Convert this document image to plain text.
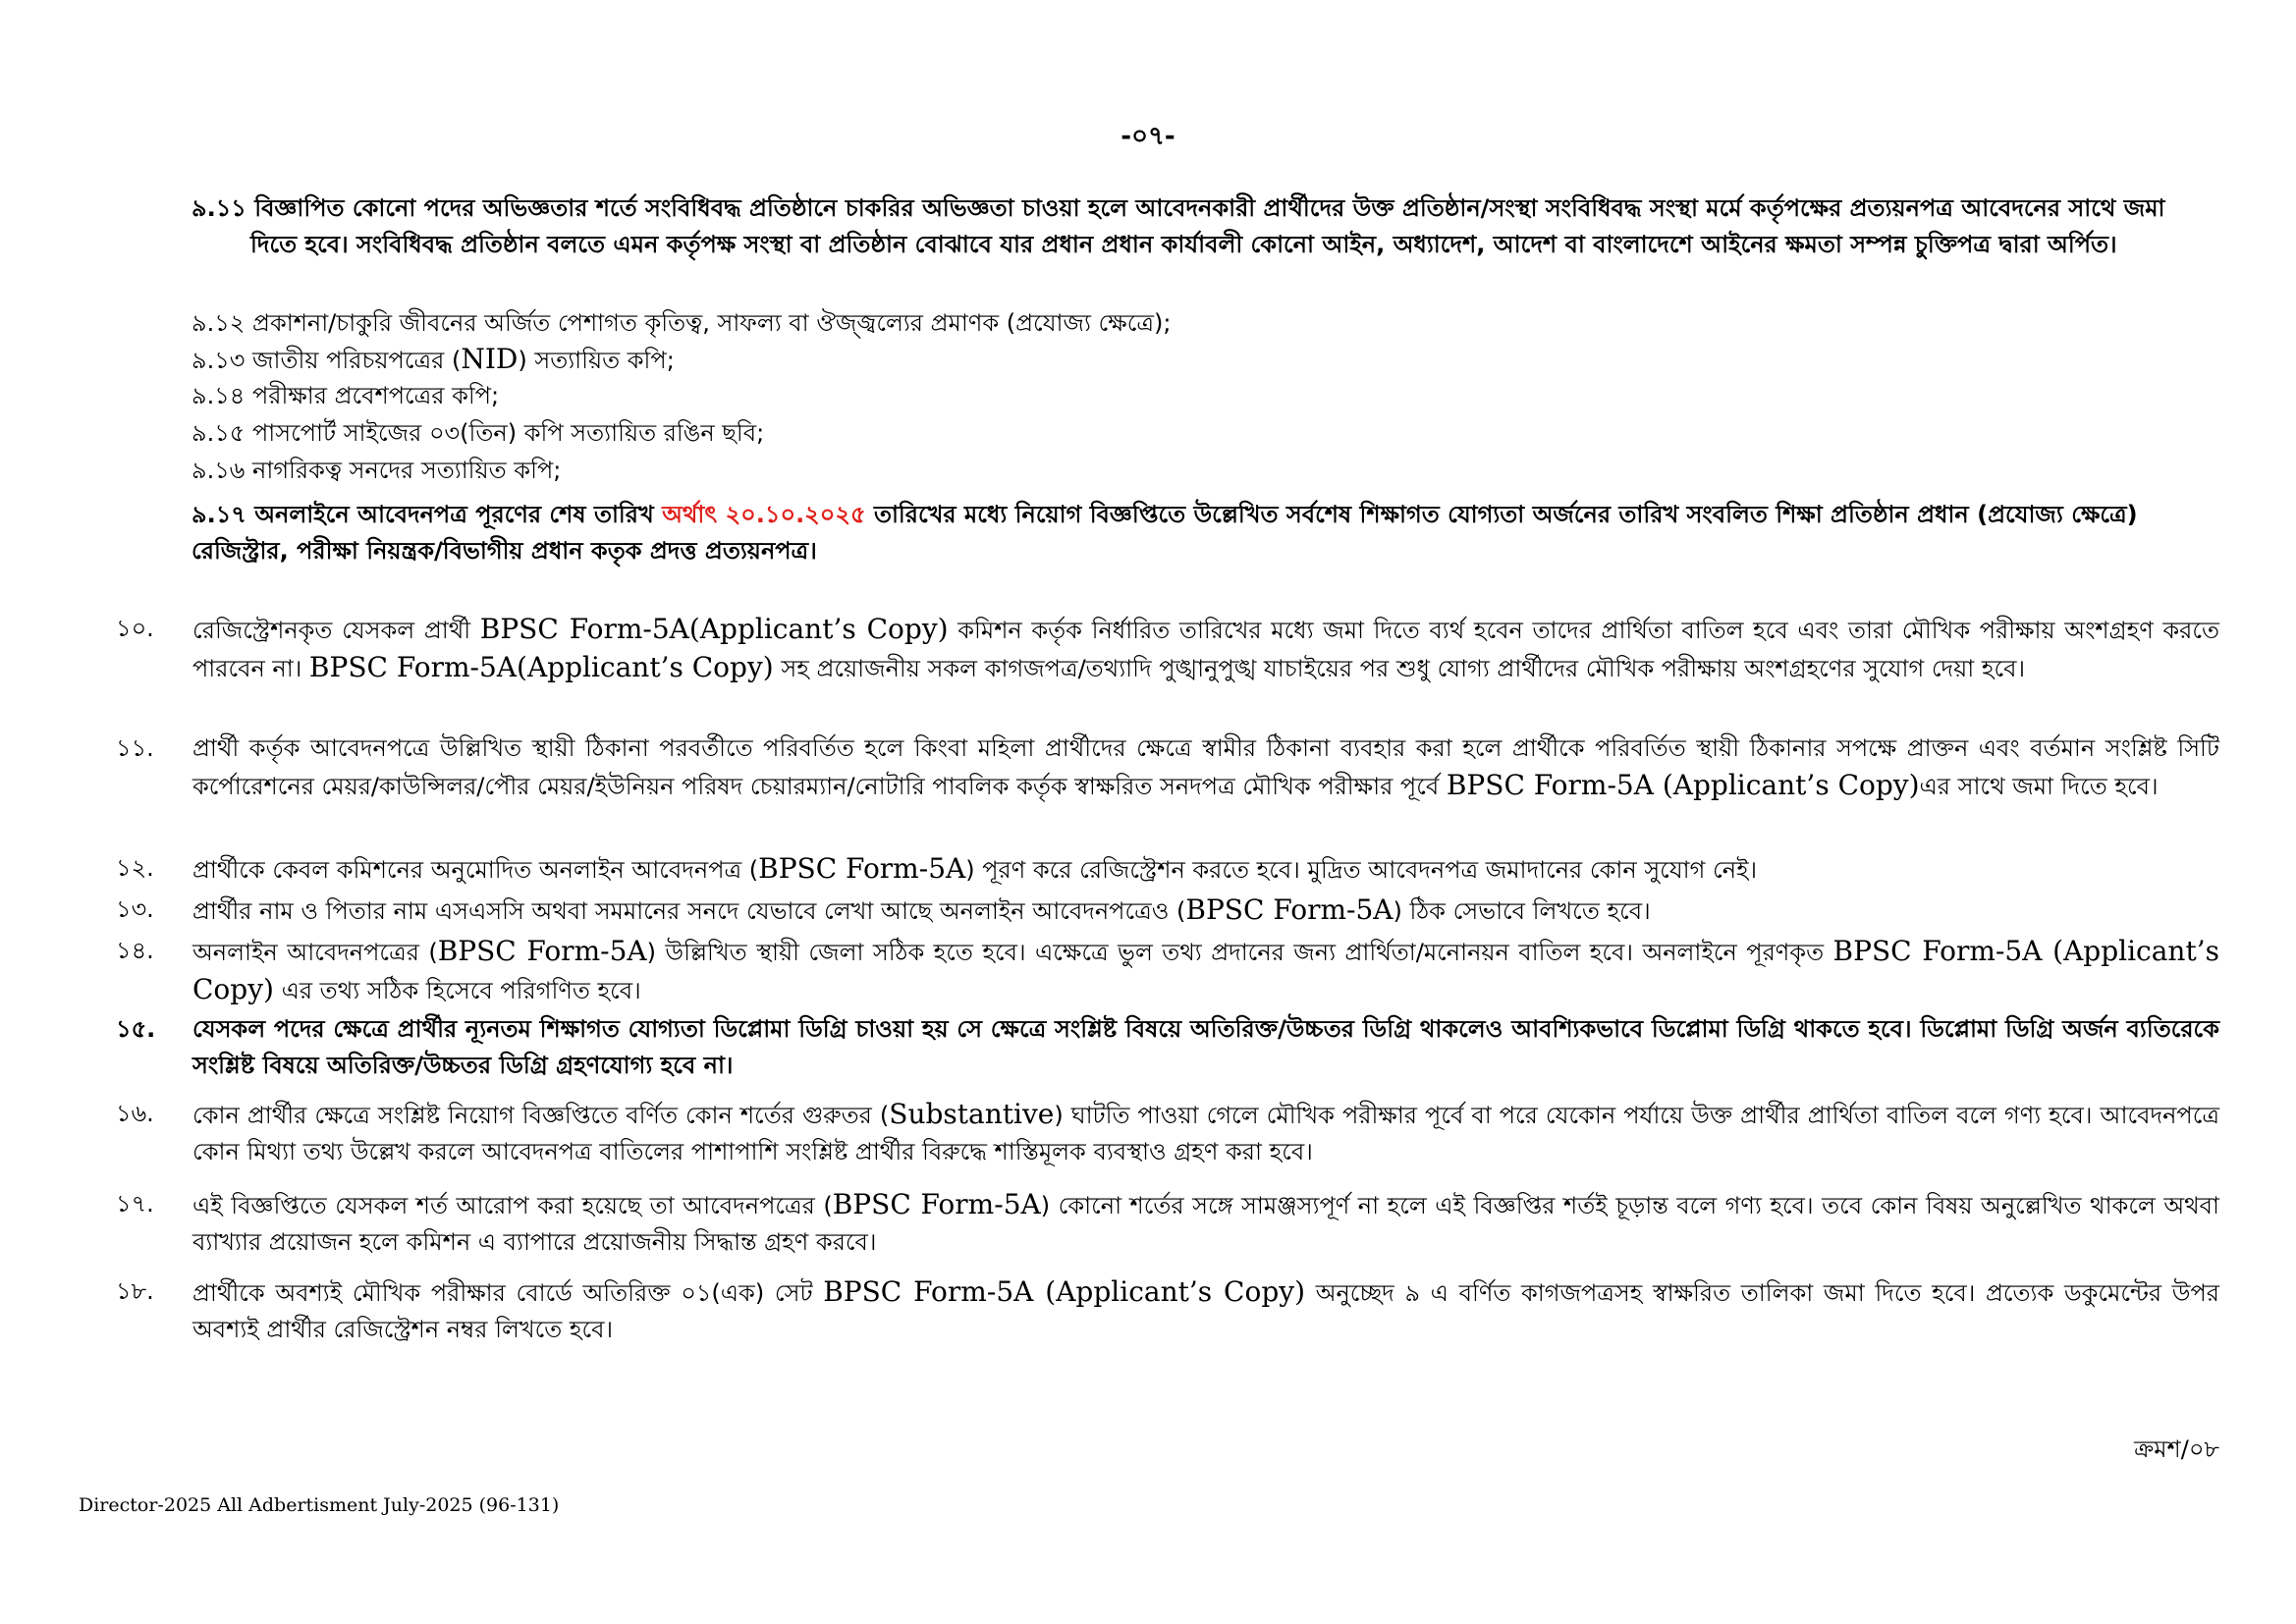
-০৭-
৯.১১ বিজ্ঞাপিত কোনো পদের অভিজ্ঞতার শর্তে সংবিধিবদ্ধ প্রতিষ্ঠানে চাকরির অভিজ্ঞতা চাওয়া হলে আবেদনকারী প্রার্থীদের উক্ত প্রতিষ্ঠান/সংস্থা সংবিধিবদ্ধ সংস্থা মর্মে কর্তৃপক্ষের প্রত্যয়নপত্র আবেদনের সাথে জমা দিতে হবে। সংবিধিবদ্ধ প্রতিষ্ঠান বলতে এমন কর্তৃপক্ষ সংস্থা বা প্রতিষ্ঠান বোঝাবে যার প্রধান প্রধান কার্যাবলী কোনো আইন, অধ্যাদেশ, আদেশ বা বাংলাদেশে আইনের ক্ষমতা সম্পন্ন চুক্তিপত্র দ্বারা অর্পিত।
৯.১২ প্রকাশনা/চাকুরি জীবনের অর্জিত পেশাগত কৃতিত্ব, সাফল্য বা ঔজ্জ্বল্যের প্রমাণক (প্রযোজ্য ক্ষেত্রে);
৯.১৩ জাতীয় পরিচয়পত্রের (NID) সত্যায়িত কপি;
৯.১৪ পরীক্ষার প্রবেশপত্রের কপি;
৯.১৫ পাসপোর্ট সাইজের ০৩(তিন) কপি সত্যায়িত রঙিন ছবি;
৯.১৬ নাগরিকত্ব সনদের সত্যায়িত কপি;
৯.১৭ অনলাইনে আবেদনপত্র পূরণের শেষ তারিখ অর্থাৎ ২০.১০.২০২৫ তারিখের মধ্যে নিয়োগ বিজ্ঞপ্তিতে উল্লেখিত সর্বশেষ শিক্ষাগত যোগ্যতা অর্জনের তারিখ সংবলিত শিক্ষা প্রতিষ্ঠান প্রধান (প্রযোজ্য ক্ষেত্রে) রেজিস্ট্রার, পরীক্ষা নিয়ন্ত্রক/বিভাগীয় প্রধান কতৃক প্রদত্ত প্রত্যয়নপত্র।
১০. রেজিস্ট্রেশনকৃত যেসকল প্রার্থী BPSC Form-5A(Applicant’s Copy) কমিশন কর্তৃক নির্ধারিত তারিখের মধ্যে জমা দিতে ব্যর্থ হবেন তাদের প্রার্থিতা বাতিল হবে এবং তারা মৌখিক পরীক্ষায় অংশগ্রহণ করতে পারবেন না। BPSC Form-5A(Applicant’s Copy) সহ প্রয়োজনীয় সকল কাগজপত্র/তথ্যাদি পুঙ্খানুপুঙ্খ যাচাইয়ের পর শুধু যোগ্য প্রার্থীদের মৌখিক পরীক্ষায় অংশগ্রহণের সুযোগ দেয়া হবে।
১১. প্রার্থী কর্তৃক আবেদনপত্রে উল্লিখিত স্থায়ী ঠিকানা পরবর্তীতে পরিবর্তিত হলে কিংবা মহিলা প্রার্থীদের ক্ষেত্রে স্বামীর ঠিকানা ব্যবহার করা হলে প্রার্থীকে পরিবর্তিত স্থায়ী ঠিকানার সপক্ষে প্রাক্তন এবং বর্তমান সংশ্লিষ্ট সিটি কর্পোরেশনের মেয়র/কাউন্সিলর/পৌর মেয়র/ইউনিয়ন পরিষদ চেয়ারম্যান/নোটারি পাবলিক কর্তৃক স্বাক্ষরিত সনদপত্র মৌখিক পরীক্ষার পূর্বে BPSC Form-5A (Applicant’s Copy)এর সাথে জমা দিতে হবে।
১২. প্রার্থীকে কেবল কমিশনের অনুমোদিত অনলাইন আবেদনপত্র (BPSC Form-5A) পূরণ করে রেজিস্ট্রেশন করতে হবে। মুদ্রিত আবেদনপত্র জমাদানের কোন সুযোগ নেই।
১৩. প্রার্থীর নাম ও পিতার নাম এসএসসি অথবা সমমানের সনদে যেভাবে লেখা আছে অনলাইন আবেদনপত্রেও (BPSC Form-5A) ঠিক সেভাবে লিখতে হবে।
১৪. অনলাইন আবেদনপত্রের (BPSC Form-5A) উল্লিখিত স্থায়ী জেলা সঠিক হতে হবে। এক্ষেত্রে ভুল তথ্য প্রদানের জন্য প্রার্থিতা/মনোনয়ন বাতিল হবে। অনলাইনে পূরণকৃত BPSC Form-5A (Applicant’s Copy) এর তথ্য সঠিক হিসেবে পরিগণিত হবে।
১৫. যেসকল পদের ক্ষেত্রে প্রার্থীর ন্যূনতম শিক্ষাগত যোগ্যতা ডিপ্লোমা ডিগ্রি চাওয়া হয় সে ক্ষেত্রে সংশ্লিষ্ট বিষয়ে অতিরিক্ত/উচ্চতর ডিগ্রি থাকলেও আবশ্যিকভাবে ডিপ্লোমা ডিগ্রি থাকতে হবে। ডিপ্লোমা ডিগ্রি অর্জন ব্যতিরেকে সংশ্লিষ্ট বিষয়ে অতিরিক্ত/উচ্চতর ডিগ্রি গ্রহণযোগ্য হবে না।
১৬. কোন প্রার্থীর ক্ষেত্রে সংশ্লিষ্ট নিয়োগ বিজ্ঞপ্তিতে বর্ণিত কোন শর্তের গুরুতর (Substantive) ঘাটতি পাওয়া গেলে মৌখিক পরীক্ষার পূর্বে বা পরে যেকোন পর্যায়ে উক্ত প্রার্থীর প্রার্থিতা বাতিল বলে গণ্য হবে। আবেদনপত্রে কোন মিথ্যা তথ্য উল্লেখ করলে আবেদনপত্র বাতিলের পাশাপাশি সংশ্লিষ্ট প্রার্থীর বিরুদ্ধে শাস্তিমূলক ব্যবস্থাও গ্রহণ করা হবে।
১৭. এই বিজ্ঞপ্তিতে যেসকল শর্ত আরোপ করা হয়েছে তা আবেদনপত্রের (BPSC Form-5A) কোনো শর্তের সঙ্গে সামঞ্জস্যপূর্ণ না হলে এই বিজ্ঞপ্তির শর্তই চূড়ান্ত বলে গণ্য হবে। তবে কোন বিষয় অনুল্লেখিত থাকলে অথবা ব্যাখ্যার প্রয়োজন হলে কমিশন এ ব্যাপারে প্রয়োজনীয় সিদ্ধান্ত গ্রহণ করবে।
১৮. প্রার্থীকে অবশ্যই মৌখিক পরীক্ষার বোর্ডে অতিরিক্ত ০১(এক) সেট BPSC Form-5A (Applicant’s Copy) অনুচ্ছেদ ৯ এ বর্ণিত কাগজপত্রসহ স্বাক্ষরিত তালিকা জমা দিতে হবে। প্রত্যেক ডকুমেন্টের উপর অবশ্যই প্রার্থীর রেজিস্ট্রেশন নম্বর লিখতে হবে।
ক্রমশ/০৮
Director-2025 All Adbertisment July-2025 (96-131)
